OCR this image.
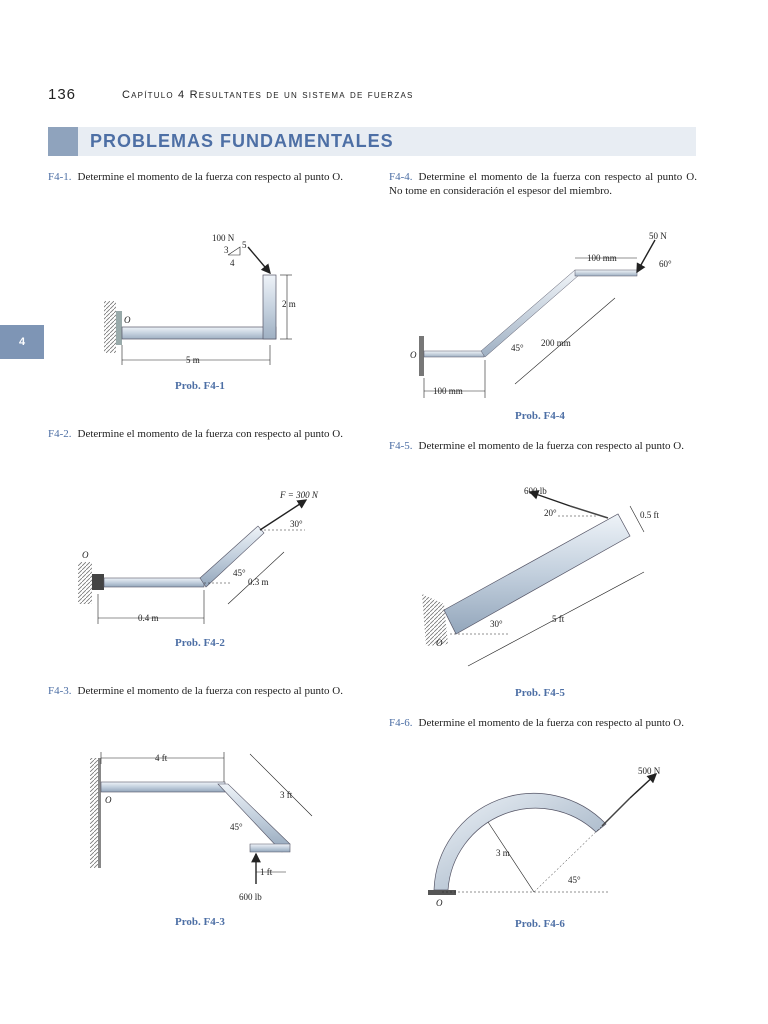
136	Capítulo 4 Resultantes de un sistema de fuerzas
PROBLEMAS FUNDAMENTALES
4
F4-1. Determine el momento de la fuerza con respecto al punto O.
100 N
3
4
5
2 m
5 m
O
Prob. F4-1
F4-2. Determine el momento de la fuerza con respecto al punto O.
F = 300 N
30°
45°
0.3 m
0.4 m
O
Prob. F4-2
F4-3. Determine el momento de la fuerza con respecto al punto O.
600 lb
4 ft
3 ft
45°
1 ft
O
Prob. F4-3
F4-4. Determine el momento de la fuerza con respecto al punto O. No tome en consideración el espesor del miembro.
50 N
60°
100 mm
200 mm
45°
100 mm
O
Prob. F4-4
F4-5. Determine el momento de la fuerza con respecto al punto O.
600 lb
20°	0.5 ft
5 ft
30°
O
Prob. F4-5
F4-6. Determine el momento de la fuerza con respecto al punto O.
500 N
3 m
45°
O
Prob. F4-6
